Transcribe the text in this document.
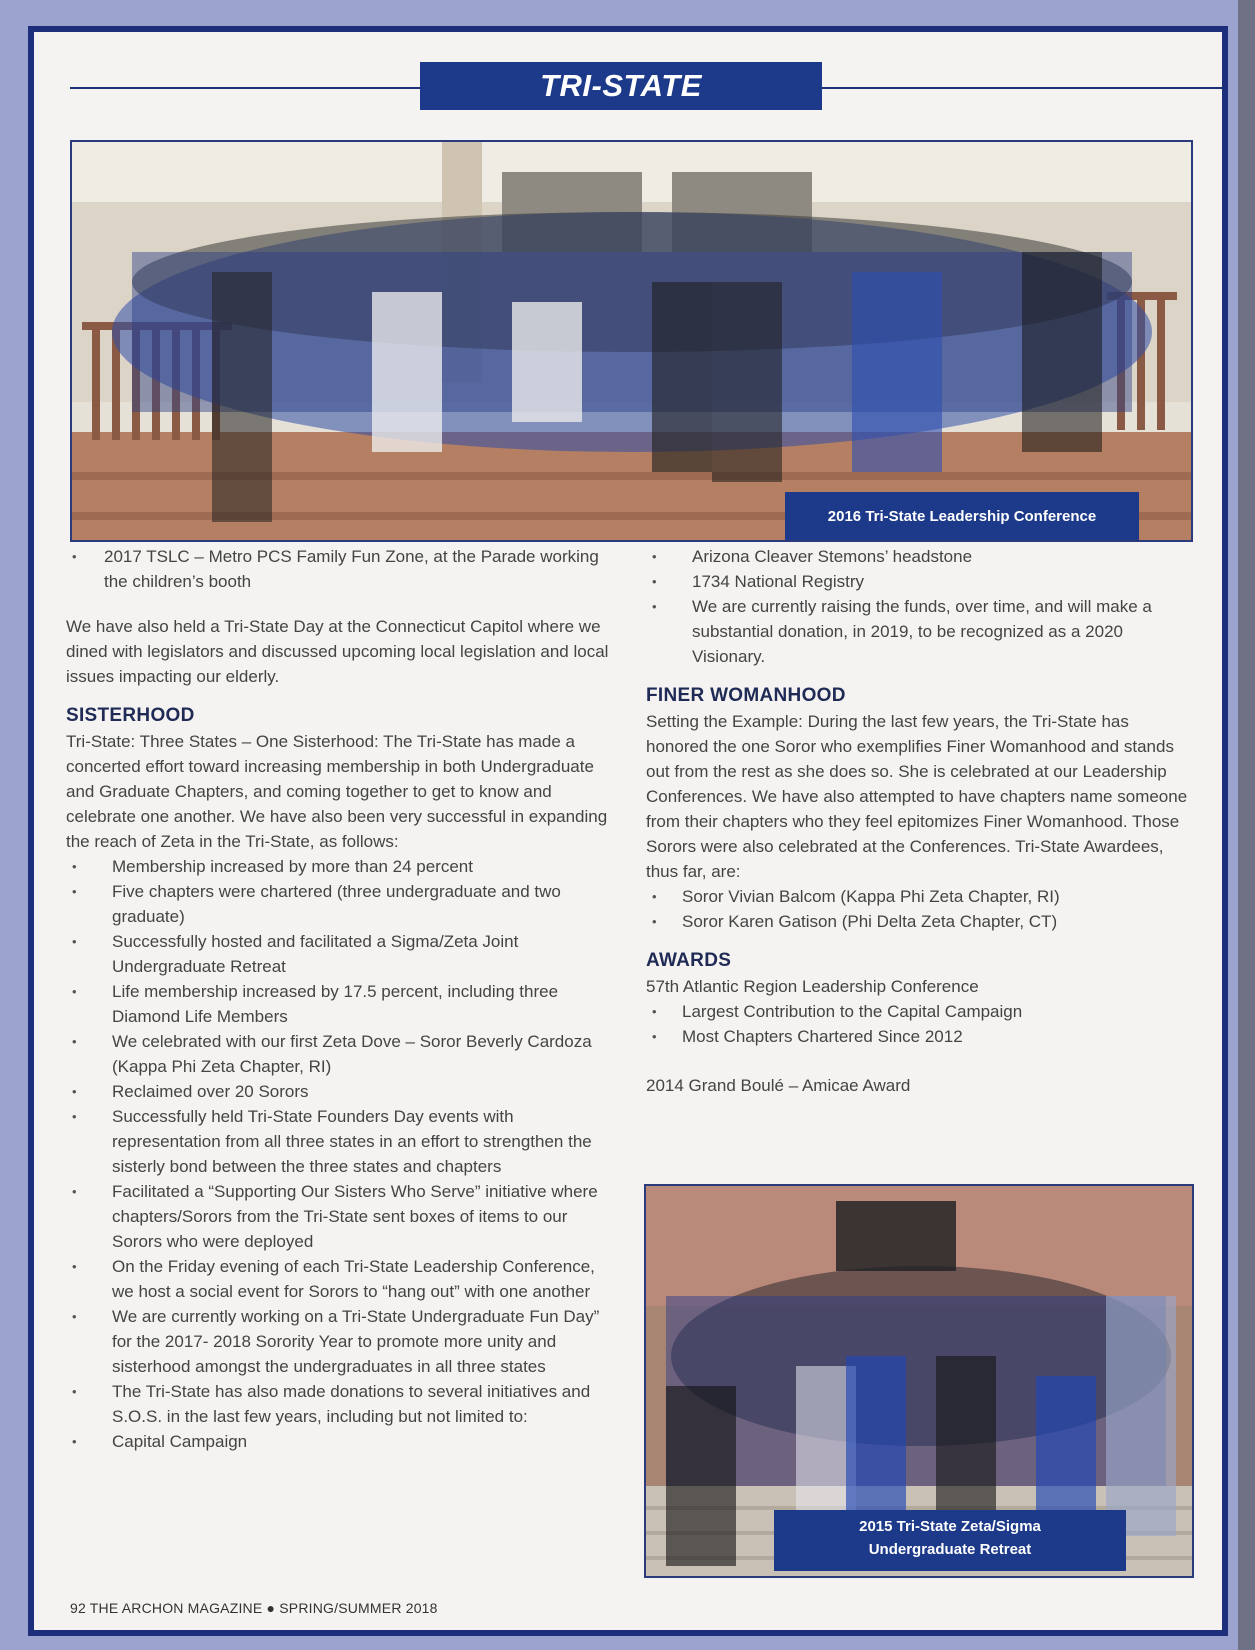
TRI-STATE
2016 Tri-State Leadership Conference
• 2017 TSLC – Metro PCS Family Fun Zone, at the Parade working the children’s booth

We have also held a Tri-State Day at the Connecticut Capitol where we dined with legislators and discussed upcoming local legislation and local issues impacting our elderly.

SISTERHOOD

Tri-State: Three States – One Sisterhood: The Tri-State has made a concerted effort toward increasing membership in both Undergraduate and Graduate Chapters, and coming together to get to know and celebrate one another. We have also been very successful in expanding the reach of Zeta in the Tri-State, as follows:

• Membership increased by more than 24 percent
• Five chapters were chartered (three undergraduate and two graduate)
• Successfully hosted and facilitated a Sigma/Zeta Joint Undergraduate Retreat
• Life membership increased by 17.5 percent, including three Diamond Life Members
• We celebrated with our first Zeta Dove – Soror Beverly Cardoza (Kappa Phi Zeta Chapter, RI)
• Reclaimed over 20 Sorors
• Successfully held Tri-State Founders Day events with representation from all three states in an effort to strengthen the sisterly bond between the three states and chapters
• Facilitated a “Supporting Our Sisters Who Serve” initiative where chapters/Sorors from the Tri-State sent boxes of items to our Sorors who were deployed
• On the Friday evening of each Tri-State Leadership Conference, we host a social event for Sorors to “hang out” with one another
• We are currently working on a Tri-State Undergraduate Fun Day” for the 2017- 2018 Sorority Year to promote more unity and sisterhood amongst the undergraduates in all three states
• The Tri-State has also made donations to several initiatives and S.O.S. in the last few years, including but not limited to:
• Capital Campaign
• Arizona Cleaver Stemons’ headstone
• 1734 National Registry
• We are currently raising the funds, over time, and will make a substantial donation, in 2019, to be recognized as a 2020 Visionary.
FINER WOMANHOOD

Setting the Example: During the last few years, the Tri-State has honored the one Soror who exemplifies Finer Womanhood and stands out from the rest as she does so. She is celebrated at our Leadership Conferences. We have also attempted to have chapters name someone from their chapters who they feel epitomizes Finer Womanhood. Those Sorors were also celebrated at the Conferences. Tri-State Awardees, thus far, are:

• Soror Vivian Balcom (Kappa Phi Zeta Chapter, RI)
• Soror Karen Gatison (Phi Delta Zeta Chapter, CT)
AWARDS

57th Atlantic Region Leadership Conference

• Largest Contribution to the Capital Campaign
• Most Chapters Chartered Since 2012

2014 Grand Boulé – Amicae Award

2015 Tri-State Zeta/Sigma
Undergraduate Retreat
92 THE ARCHON MAGAZINE ● SPRING/SUMMER 2018
